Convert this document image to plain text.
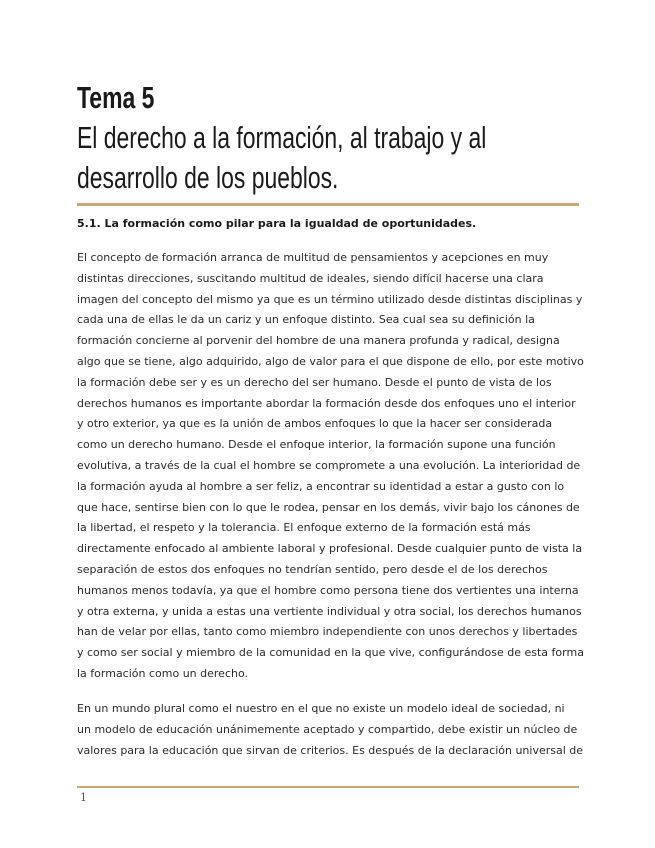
Tema 5
El derecho a la formación, al trabajo y al desarrollo de los pueblos.
5.1. La formación como pilar para la igualdad de oportunidades.
El concepto de formación arranca de multitud de pensamientos y acepciones en muy
distintas direcciones, suscitando multitud de ideales, siendo difícil hacerse una clara
imagen del concepto del mismo ya que es un término utilizado desde distintas disciplinas y
cada una de ellas le da un cariz y un enfoque distinto. Sea cual sea su definición la
formación concierne al porvenir del hombre de una manera profunda y radical, designa
algo que se tiene, algo adquirido, algo de valor para el que dispone de ello, por este motivo
la formación debe ser y es un derecho del ser humano. Desde el punto de vista de los
derechos humanos es importante abordar la formación desde dos enfoques uno el interior
y otro exterior, ya que es la unión de ambos enfoques lo que la hacer ser considerada
como un derecho humano. Desde el enfoque interior, la formación supone una función
evolutiva, a través de la cual el hombre se compromete a una evolución. La interioridad de
la formación ayuda al hombre a ser feliz, a encontrar su identidad a estar a gusto con lo
que hace, sentirse bien con lo que le rodea, pensar en los demás, vivir bajo los cánones de
la libertad, el respeto y la tolerancia. El enfoque externo de la formación está más
directamente enfocado al ambiente laboral y profesional. Desde cualquier punto de vista la
separación de estos dos enfoques no tendrían sentido, pero desde el de los derechos
humanos menos todavía, ya que el hombre como persona tiene dos vertientes una interna
y otra externa, y unida a estas una vertiente individual y otra social, los derechos humanos
han de velar por ellas, tanto como miembro independiente con unos derechos y libertades
y como ser social y miembro de la comunidad en la que vive, configurándose de esta forma
la formación como un derecho.
En un mundo plural como el nuestro en el que no existe un modelo ideal de sociedad, ni
un modelo de educación unánimemente aceptado y compartido, debe existir un núcleo de
valores para la educación que sirvan de criterios. Es después de la declaración universal de
1
